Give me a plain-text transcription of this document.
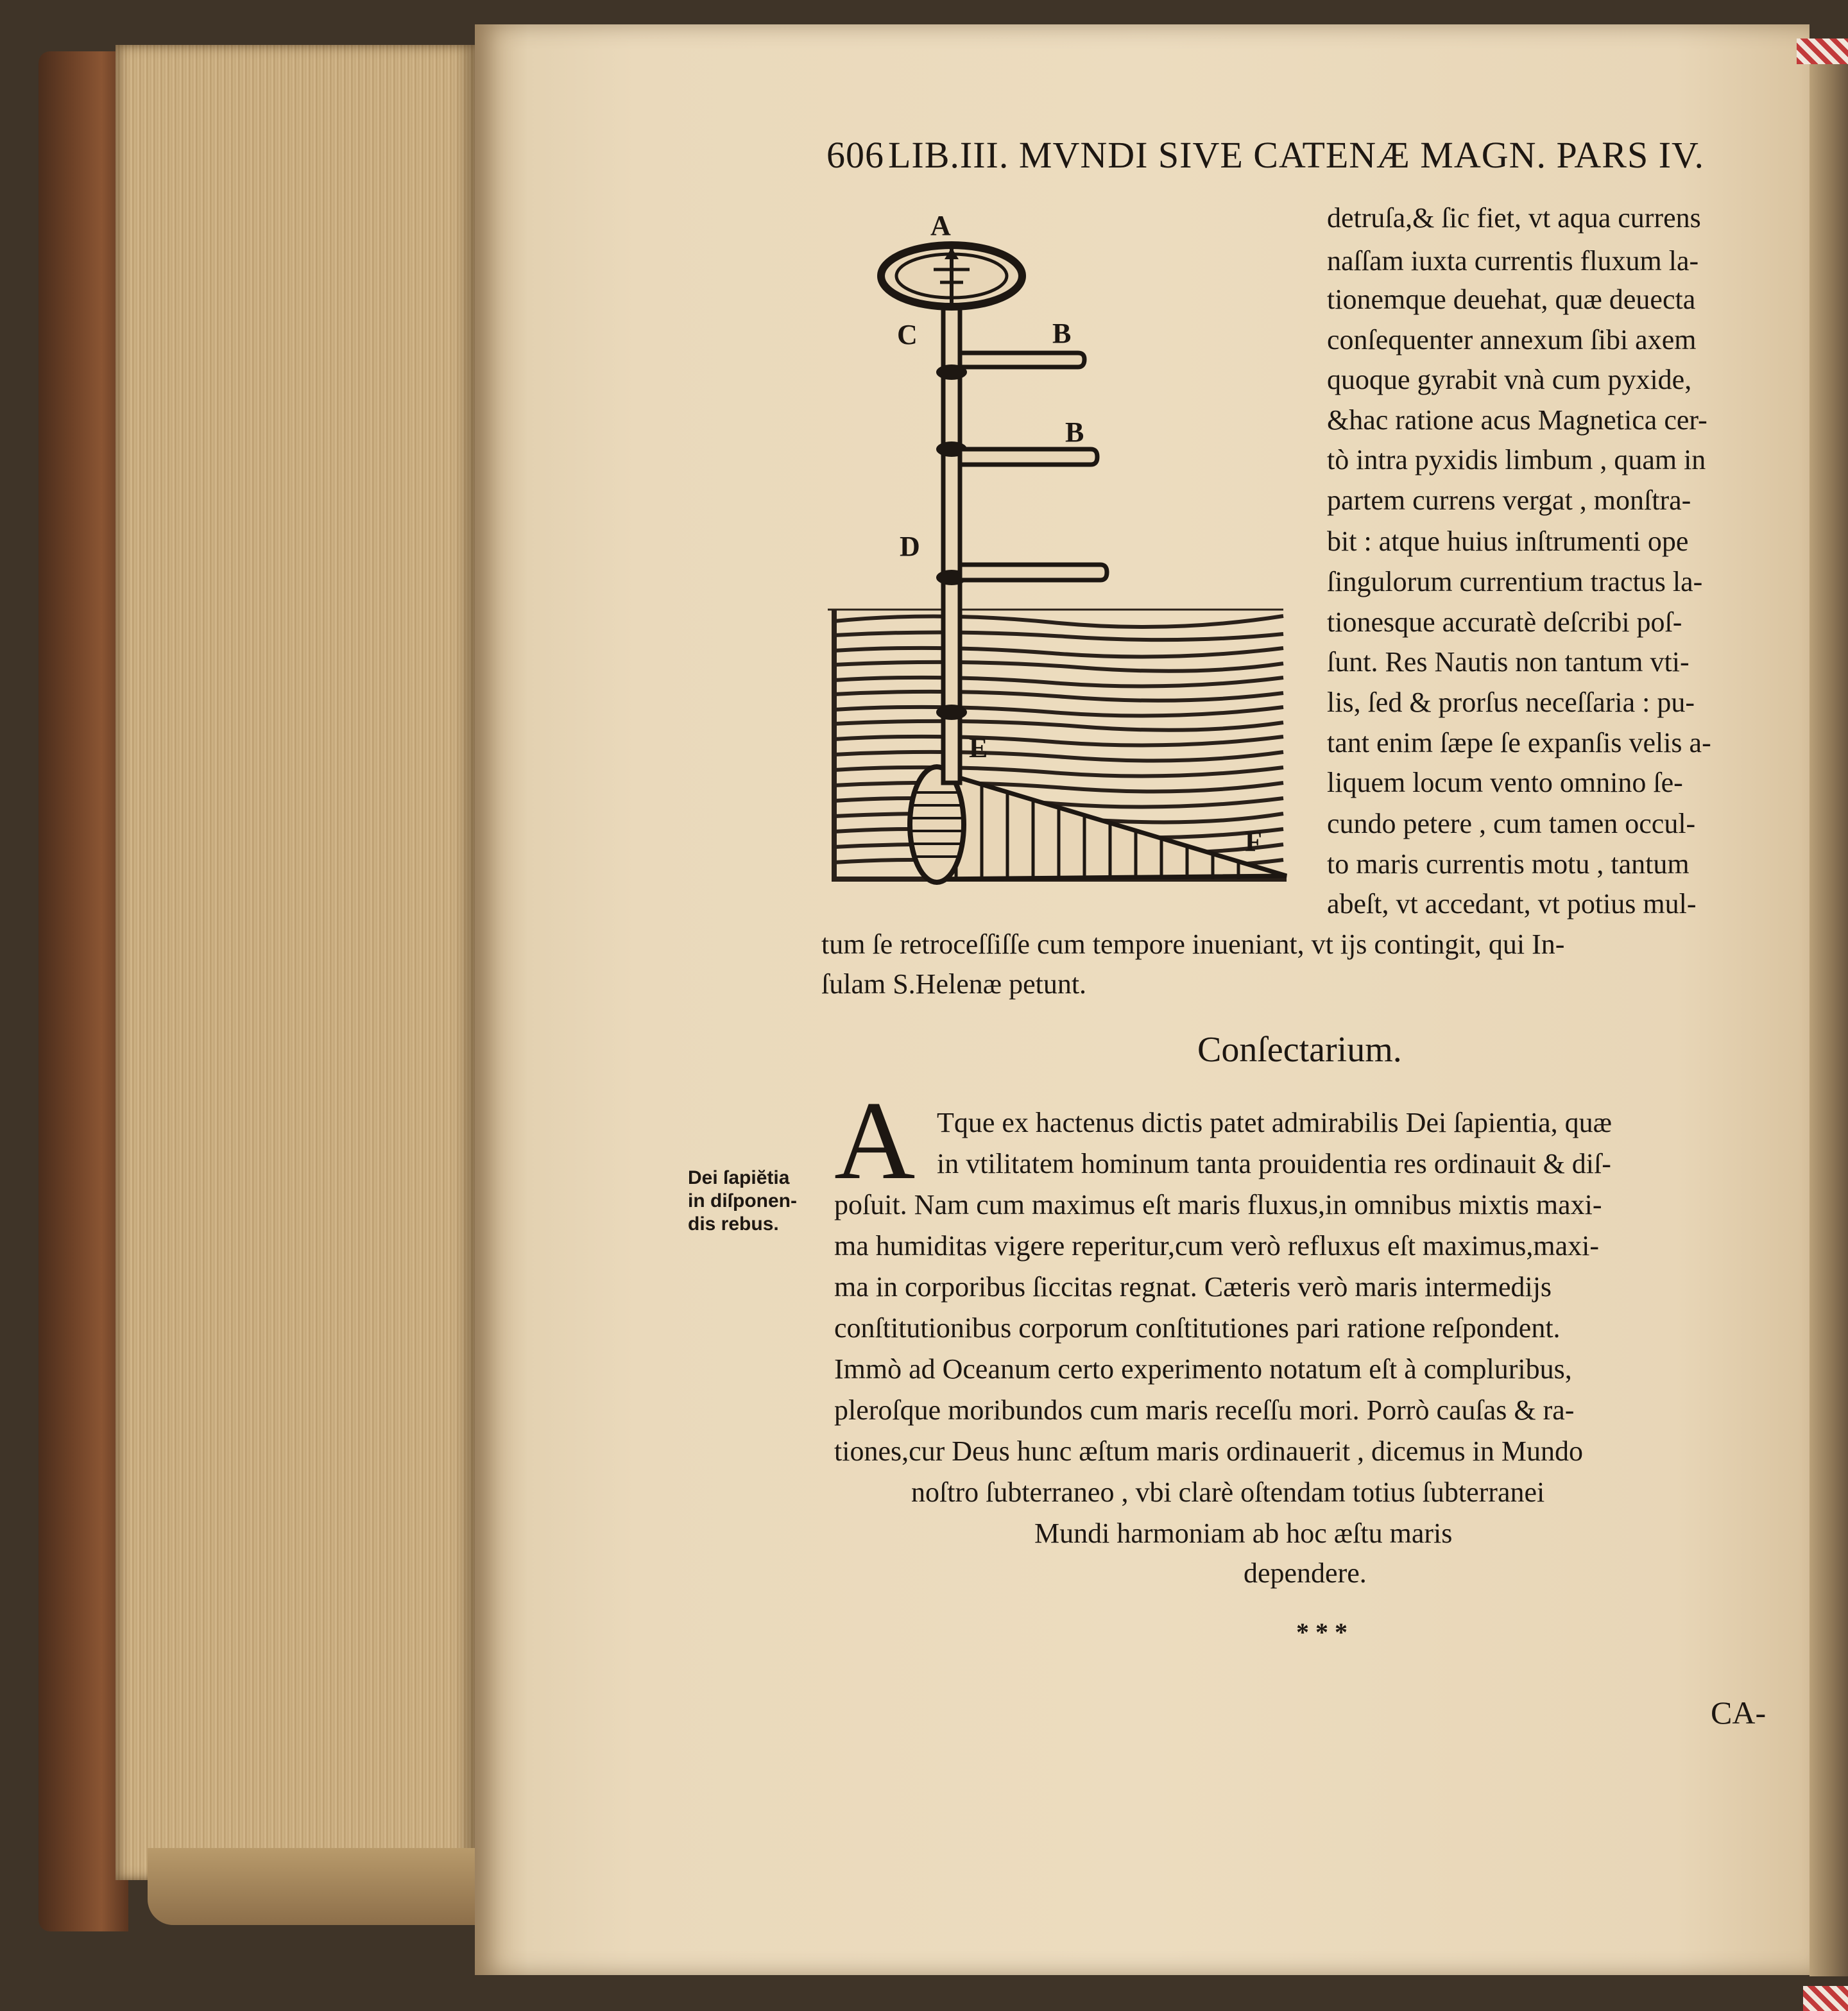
606 LIB.III. MVNDI SIVE CATENÆ MAGN. PARS IV.
A
C	B
B
D
E
F
detruſa,& ſic fiet, vt aqua currens
naſſam iuxta currentis fluxum la-
tionemque deuehat, quæ deuecta
conſequenter annexum ſibi axem
quoque gyrabit vnà cum pyxide,
&hac ratione acus Magnetica cer-
tò intra pyxidis limbum , quam in
partem currens vergat , monſtra-
bit : atque huius inſtrumenti ope
ſingulorum currentium tractus la-
tionesque accuratè deſcribi poſ-
ſunt. Res Nautis non tantum vti-
lis, ſed & prorſus neceſſaria : pu-
tant enim ſæpe ſe expanſis velis a-
liquem locum vento omnino ſe-
cundo petere , cum tamen occul-
to maris currentis motu , tantum
abeſt, vt accedant, vt potius mul-
tum ſe retroceſſiſſe cum tempore inueniant, vt ijs contingit, qui In-
ſulam S.Helenæ petunt.
Conſectarium.
A Tque ex hactenus dictis patet admirabilis Dei ſapientia, quæ
in vtilitatem hominum tanta prouidentia res ordinauit & diſ-
poſuit. Nam cum maximus eſt maris fluxus,in omnibus mixtis maxi-
ma humiditas vigere reperitur,cum verò refluxus eſt maximus,maxi-
ma in corporibus ſiccitas regnat. Cæteris verò maris intermedijs
conſtitutionibus corporum conſtitutiones pari ratione reſpondent.
Immò ad Oceanum certo experimento notatum eſt à compluribus,
pleroſque moribundos cum maris receſſu mori. Porrò cauſas & ra-
tiones,cur Deus hunc æſtum maris ordinauerit , dicemus in Mundo
noſtro ſubterraneo , vbi clarè oſtendam totius ſubterranei
Mundi harmoniam ab hoc æſtu maris
dependere.
Dei ſapiĕtia
in diſponen-
dis rebus.
* * *
CA-
